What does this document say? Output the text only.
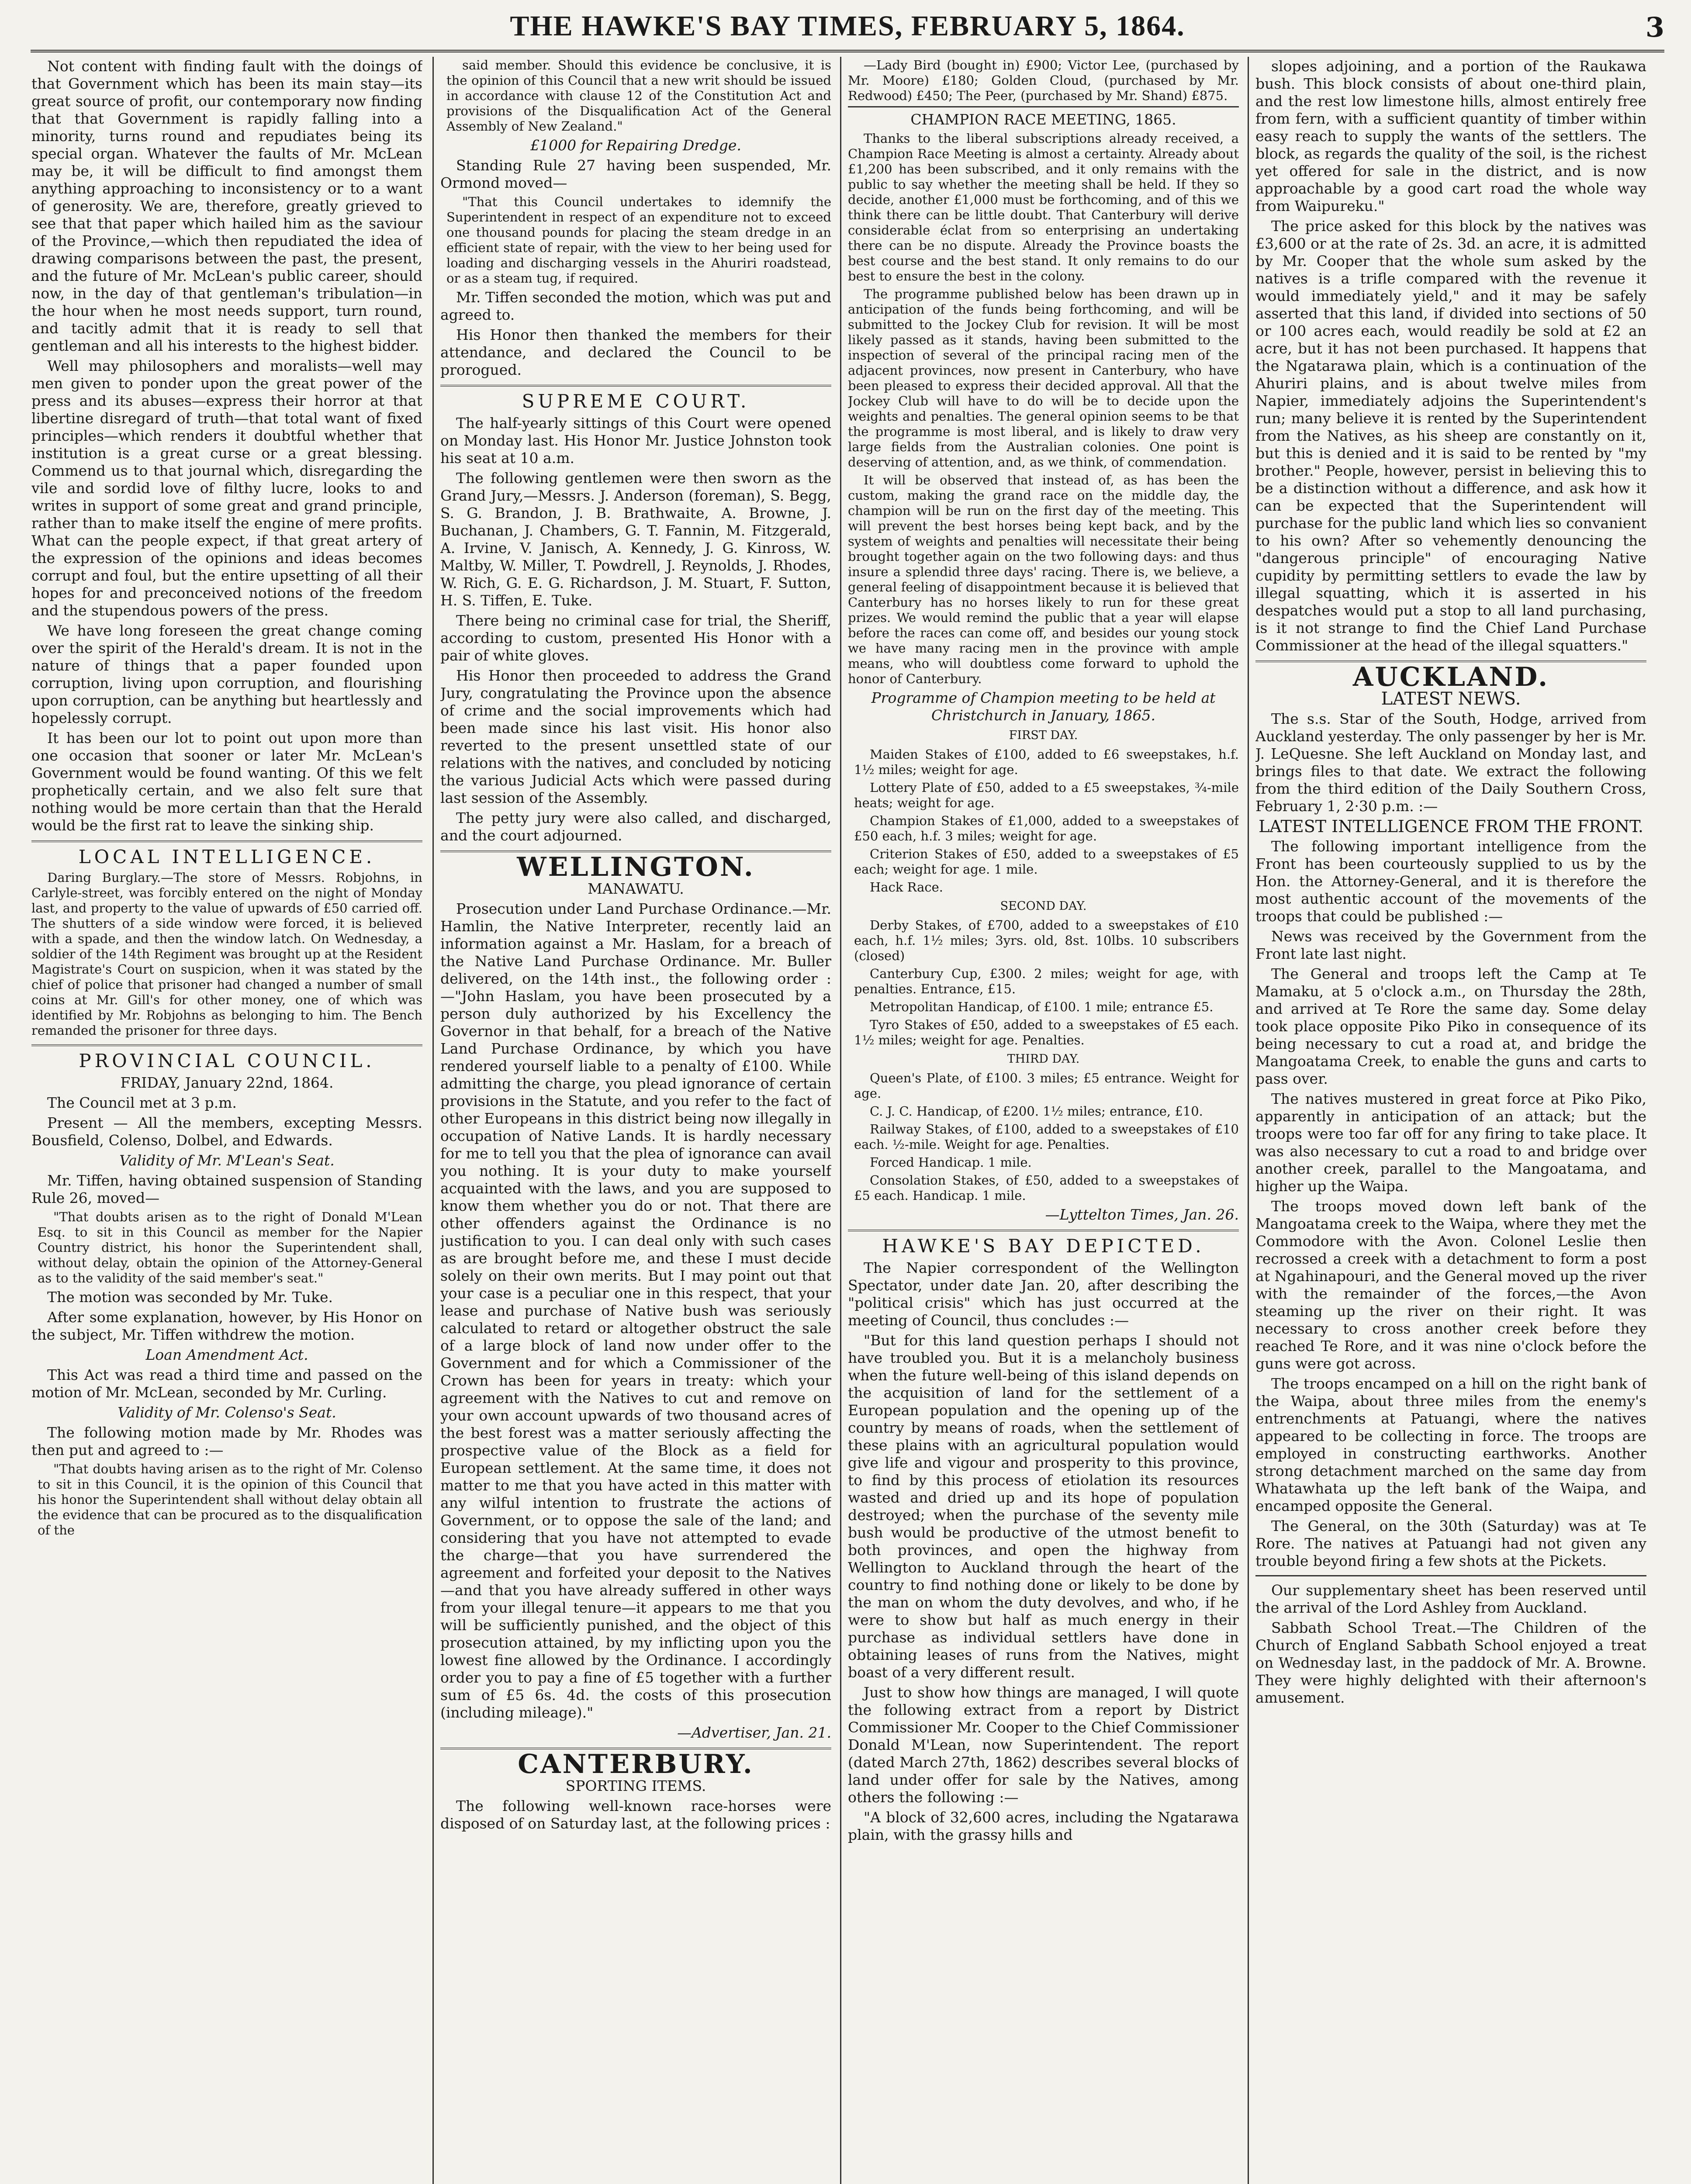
THE HAWKE'S BAY TIMES, FEBRUARY 5, 1864.	3

Not content with finding fault with the doings of that Government which has been its main stay—its great source of profit, our contemporary now finding that that Government is rapidly falling into a minority, turns round and repudiates being its special organ. Whatever the faults of Mr. McLean may be, it will be difficult to find amongst them anything approaching to inconsistency or to a want of generosity. We are, therefore, greatly grieved to see that that paper which hailed him as the saviour of the Province,—which then repudiated the idea of drawing comparisons between the past, the present, and the future of Mr. McLean's public career, should now, in the day of that gentleman's tribulation—in the hour when he most needs support, turn round, and tacitly admit that it is ready to sell that gentleman and all his interests to the highest bidder.

Well may philosophers and moralists—well may men given to ponder upon the great power of the press and its abuses—express their horror at that libertine disregard of truth—that total want of fixed principles—which renders it doubtful whether that institution is a great curse or a great blessing. Commend us to that journal which, disregarding the vile and sordid love of filthy lucre, looks to and writes in support of some great and grand principle, rather than to make itself the engine of mere profits. What can the people expect, if that great artery of the expression of the opinions and ideas becomes corrupt and foul, but the entire upsetting of all their hopes for and preconceived notions of the freedom and the stupendous powers of the press.

We have long foreseen the great change coming over the spirit of the Herald's dream. It is not in the nature of things that a paper founded upon corruption, living upon corruption, and flourishing upon corruption, can be anything but heartlessly and hopelessly corrupt.

It has been our lot to point out upon more than one occasion that sooner or later Mr. McLean's Government would be found wanting. Of this we felt prophetically certain, and we also felt sure that nothing would be more certain than that the Herald would be the first rat to leave the sinking ship.

LOCAL INTELLIGENCE.

Daring Burglary.—The store of Messrs. Robjohns, in Carlyle-street, was forcibly entered on the night of Monday last, and property to the value of upwards of £50 carried off. The shutters of a side window were forced, it is believed with a spade, and then the window latch. On Wednesday, a soldier of the 14th Regiment was brought up at the Resident Magistrate's Court on suspicion, when it was stated by the chief of police that prisoner had changed a number of small coins at Mr. Gill's for other money, one of which was identified by Mr. Robjohns as belonging to him. The Bench remanded the prisoner for three days.

PROVINCIAL COUNCIL.
FRIDAY, January 22nd, 1864.

The Council met at 3 p.m.

Present — All the members, excepting Messrs. Bousfield, Colenso, Dolbel, and Edwards.

Validity of Mr. M'Lean's Seat.

Mr. Tiffen, having obtained suspension of Standing Rule 26, moved—

"That doubts arisen as to the right of Donald M'Lean Esq. to sit in this Council as member for the Napier Country district, his honor the Superintendent shall, without delay, obtain the opinion of the Attorney-General as to the validity of the said member's seat."

The motion was seconded by Mr. Tuke.

After some explanation, however, by His Honor on the subject, Mr. Tiffen withdrew the motion.

Loan Amendment Act.

This Act was read a third time and passed on the motion of Mr. McLean, seconded by Mr. Curling.

Validity of Mr. Colenso's Seat.

The following motion made by Mr. Rhodes was then put and agreed to :—

"That doubts having arisen as to the right of Mr. Colenso to sit in this Council, it is the opinion of this Council that his honor the Superintendent shall without delay obtain all the evidence that can be procured as to the disqualification of the

said member. Should this evidence be conclusive, it is the opinion of this Council that a new writ should be issued in accordance with clause 12 of the Constitution Act and provisions of the Disqualification Act of the General Assembly of New Zealand."

£1000 for Repairing Dredge.

Standing Rule 27 having been suspended, Mr. Ormond moved—

"That this Council undertakes to idemnify the Superintendent in respect of an expenditure not to exceed one thousand pounds for placing the steam dredge in an efficient state of repair, with the view to her being used for loading and discharging vessels in the Ahuriri roadstead, or as a steam tug, if required.

Mr. Tiffen seconded the motion, which was put and agreed to.

His Honor then thanked the members for their attendance, and declared the Council to be prorogued.

SUPREME COURT.

The half-yearly sittings of this Court were opened on Monday last. His Honor Mr. Justice Johnston took his seat at 10 a.m.

The following gentlemen were then sworn as the Grand Jury,—Messrs. J. Anderson (foreman), S. Begg, S. G. Brandon, J. B. Brathwaite, A. Browne, J. Buchanan, J. Chambers, G. T. Fannin, M. Fitzgerald, A. Irvine, V. Janisch, A. Kennedy, J. G. Kinross, W. Maltby, W. Miller, T. Powdrell, J. Reynolds, J. Rhodes, W. Rich, G. E. G. Richardson, J. M. Stuart, F. Sutton, H. S. Tiffen, E. Tuke.

There being no criminal case for trial, the Sheriff, according to custom, presented His Honor with a pair of white gloves.

His Honor then proceeded to address the Grand Jury, congratulating the Province upon the absence of crime and the social improvements which had been made since his last visit. His honor also reverted to the present unsettled state of our relations with the natives, and concluded by noticing the various Judicial Acts which were passed during last session of the Assembly.

The petty jury were also called, and discharged, and the court adjourned.

WELLINGTON.
MANAWATU.

Prosecution under Land Purchase Ordinance.—Mr. Hamlin, the Native Interpreter, recently laid an information against a Mr. Haslam, for a breach of the Native Land Purchase Ordinance. Mr. Buller delivered, on the 14th inst., the following order :—"John Haslam, you have been prosecuted by a person duly authorized by his Excellency the Governor in that behalf, for a breach of the Native Land Purchase Ordinance, by which you have rendered yourself liable to a penalty of £100. While admitting the charge, you plead ignorance of certain provisions in the Statute, and you refer to the fact of other Europeans in this district being now illegally in occupation of Native Lands. It is hardly necessary for me to tell you that the plea of ignorance can avail you nothing. It is your duty to make yourself acquainted with the laws, and you are supposed to know them whether you do or not. That there are other offenders against the Ordinance is no justification to you. I can deal only with such cases as are brought before me, and these I must decide solely on their own merits. But I may point out that your case is a peculiar one in this respect, that your lease and purchase of Native bush was seriously calculated to retard or altogether obstruct the sale of a large block of land now under offer to the Government and for which a Commissioner of the Crown has been for years in treaty: which your agreement with the Natives to cut and remove on your own account upwards of two thousand acres of the best forest was a matter seriously affecting the prospective value of the Block as a field for European settlement. At the same time, it does not matter to me that you have acted in this matter with any wilful intention to frustrate the actions of Government, or to oppose the sale of the land; and considering that you have not attempted to evade the charge—that you have surrendered the agreement and forfeited your deposit to the Natives—and that you have already suffered in other ways from your illegal tenure—it appears to me that you will be sufficiently punished, and the object of this prosecution attained, by my inflicting upon you the lowest fine allowed by the Ordinance. I accordingly order you to pay a fine of £5 together with a further sum of £5 6s. 4d. the costs of this prosecution (including mileage)."

—Advertiser, Jan. 21.
CANTERBURY.
SPORTING ITEMS.

The following well-known race-horses were disposed of on Saturday last, at the following prices :

—Lady Bird (bought in) £900; Victor Lee, (purchased by Mr. Moore) £180; Golden Cloud, (purchased by Mr. Redwood) £450; The Peer, (purchased by Mr. Shand) £875.

CHAMPION RACE MEETING, 1865.

Thanks to the liberal subscriptions already received, a Champion Race Meeting is almost a certainty. Already about £1,200 has been subscribed, and it only remains with the public to say whether the meeting shall be held. If they so decide, another £1,000 must be forthcoming, and of this we think there can be little doubt. That Canterbury will derive considerable éclat from so enterprising an undertaking there can be no dispute. Already the Province boasts the best course and the best stand. It only remains to do our best to ensure the best in the colony.

The programme published below has been drawn up in anticipation of the funds being forthcoming, and will be submitted to the Jockey Club for revision. It will be most likely passed as it stands, having been submitted to the inspection of several of the principal racing men of the adjacent provinces, now present in Canterbury, who have been pleased to express their decided approval. All that the Jockey Club will have to do will be to decide upon the weights and penalties. The general opinion seems to be that the programme is most liberal, and is likely to draw very large fields from the Australian colonies. One point is deserving of attention, and, as we think, of commendation.

It will be observed that instead of, as has been the custom, making the grand race on the middle day, the champion will be run on the first day of the meeting. This will prevent the best horses being kept back, and by the system of weights and penalties will necessitate their being brought together again on the two following days: and thus insure a splendid three days' racing. There is, we believe, a general feeling of disappointment because it is believed that Canterbury has no horses likely to run for these great prizes. We would remind the public that a year will elapse before the races can come off, and besides our young stock we have many racing men in the province with ample means, who will doubtless come forward to uphold the honor of Canterbury.

Programme of Champion meeting to be held at Christchurch in January, 1865.
FIRST DAY.

Maiden Stakes of £100, added to £6 sweepstakes, h.f. 1½ miles; weight for age.

Lottery Plate of £50, added to a £5 sweepstakes, ¾-mile heats; weight for age.

Champion Stakes of £1,000, added to a sweepstakes of £50 each, h.f. 3 miles; weight for age.

Criterion Stakes of £50, added to a sweepstakes of £5 each; weight for age. 1 mile.

Hack Race.

SECOND DAY.

Derby Stakes, of £700, added to a sweepstakes of £10 each, h.f. 1½ miles; 3yrs. old, 8st. 10lbs. 10 subscribers (closed)

Canterbury Cup, £300. 2 miles; weight for age, with penalties. Entrance, £15.

Metropolitan Handicap, of £100. 1 mile; entrance £5.

Tyro Stakes of £50, added to a sweepstakes of £5 each. 1½ miles; weight for age. Penalties.

THIRD DAY.

Queen's Plate, of £100. 3 miles; £5 entrance. Weight for age.

C. J. C. Handicap, of £200. 1½ miles; entrance, £10.

Railway Stakes, of £100, added to a sweepstakes of £10 each. ½-mile. Weight for age. Penalties.

Forced Handicap. 1 mile.

Consolation Stakes, of £50, added to a sweepstakes of £5 each. Handicap. 1 mile.

—Lyttelton Times, Jan. 26.
HAWKE'S BAY DEPICTED.

The Napier correspondent of the Wellington Spectator, under date Jan. 20, after describing the "political crisis" which has just occurred at the meeting of Council, thus concludes :—

"But for this land question perhaps I should not have troubled you. But it is a melancholy business when the future well-being of this island depends on the acquisition of land for the settlement of a European population and the opening up of the country by means of roads, when the settlement of these plains with an agricultural population would give life and vigour and prosperity to this province, to find by this process of etiolation its resources wasted and dried up and its hope of population destroyed; when the purchase of the seventy mile bush would be productive of the utmost benefit to both provinces, and open the highway from Wellington to Auckland through the heart of the country to find nothing done or likely to be done by the man on whom the duty devolves, and who, if he were to show but half as much energy in their purchase as individual settlers have done in obtaining leases of runs from the Natives, might boast of a very different result.

Just to show how things are managed, I will quote the following extract from a report by District Commissioner Mr. Cooper to the Chief Commissioner Donald M'Lean, now Superintendent. The report (dated March 27th, 1862) describes several blocks of land under offer for sale by the Natives, among others the following :—

"A block of 32,600 acres, including the Ngatarawa plain, with the grassy hills and

slopes adjoining, and a portion of the Raukawa bush. This block consists of about one-third plain, and the rest low limestone hills, almost entirely free from fern, with a sufficient quantity of timber within easy reach to supply the wants of the settlers. The block, as regards the quality of the soil, is the richest yet offered for sale in the district, and is now approachable by a good cart road the whole way from Waipureku."

The price asked for this block by the natives was £3,600 or at the rate of 2s. 3d. an acre, it is admitted by Mr. Cooper that the whole sum asked by the natives is a trifle compared with the revenue it would immediately yield," and it may be safely asserted that this land, if divided into sections of 50 or 100 acres each, would readily be sold at £2 an acre, but it has not been purchased. It happens that the Ngatarawa plain, which is a continuation of the Ahuriri plains, and is about twelve miles from Napier, immediately adjoins the Superintendent's run; many believe it is rented by the Superintendent from the Natives, as his sheep are constantly on it, but this is denied and it is said to be rented by "my brother." People, however, persist in believing this to be a distinction without a difference, and ask how it can be expected that the Superintendent will purchase for the public land which lies so convanient to his own? After so vehemently denouncing the "dangerous principle" of encouraging Native cupidity by permitting settlers to evade the law by illegal squatting, which it is asserted in his despatches would put a stop to all land purchasing, is it not strange to find the Chief Land Purchase Commissioner at the head of the illegal squatters."

AUCKLAND.
LATEST NEWS.

The s.s. Star of the South, Hodge, arrived from Auckland yesterday. The only passenger by her is Mr. J. LeQuesne. She left Auckland on Monday last, and brings files to that date. We extract the following from the third edition of the Daily Southern Cross, February 1, 2·30 p.m. :—

LATEST INTELLIGENCE FROM THE FRONT.

The following important intelligence from the Front has been courteously supplied to us by the Hon. the Attorney-General, and it is therefore the most authentic account of the movements of the troops that could be published :—

News was received by the Government from the Front late last night.

The General and troops left the Camp at Te Mamaku, at 5 o'clock a.m., on Thursday the 28th, and arrived at Te Rore the same day. Some delay took place opposite Piko Piko in consequence of its being necessary to cut a road at, and bridge the Mangoatama Creek, to enable the guns and carts to pass over.

The natives mustered in great force at Piko Piko, apparently in anticipation of an attack; but the troops were too far off for any firing to take place. It was also necessary to cut a road to and bridge over another creek, parallel to the Mangoatama, and higher up the Waipa.

The troops moved down left bank of the Mangoatama creek to the Waipa, where they met the Commodore with the Avon. Colonel Leslie then recrossed a creek with a detachment to form a post at Ngahinapouri, and the General moved up the river with the remainder of the forces,—the Avon steaming up the river on their right. It was necessary to cross another creek before they reached Te Rore, and it was nine o'clock before the guns were got across.

The troops encamped on a hill on the right bank of the Waipa, about three miles from the enemy's entrenchments at Patuangi, where the natives appeared to be collecting in force. The troops are employed in constructing earthworks. Another strong detachment marched on the same day from Whatawhata up the left bank of the Waipa, and encamped opposite the General.

The General, on the 30th (Saturday) was at Te Rore. The natives at Patuangi had not given any trouble beyond firing a few shots at the Pickets.

Our supplementary sheet has been reserved until the arrival of the Lord Ashley from Auckland.

Sabbath School Treat.—The Children of the Church of England Sabbath School enjoyed a treat on Wednesday last, in the paddock of Mr. A. Browne. They were highly delighted with their afternoon's amusement.
